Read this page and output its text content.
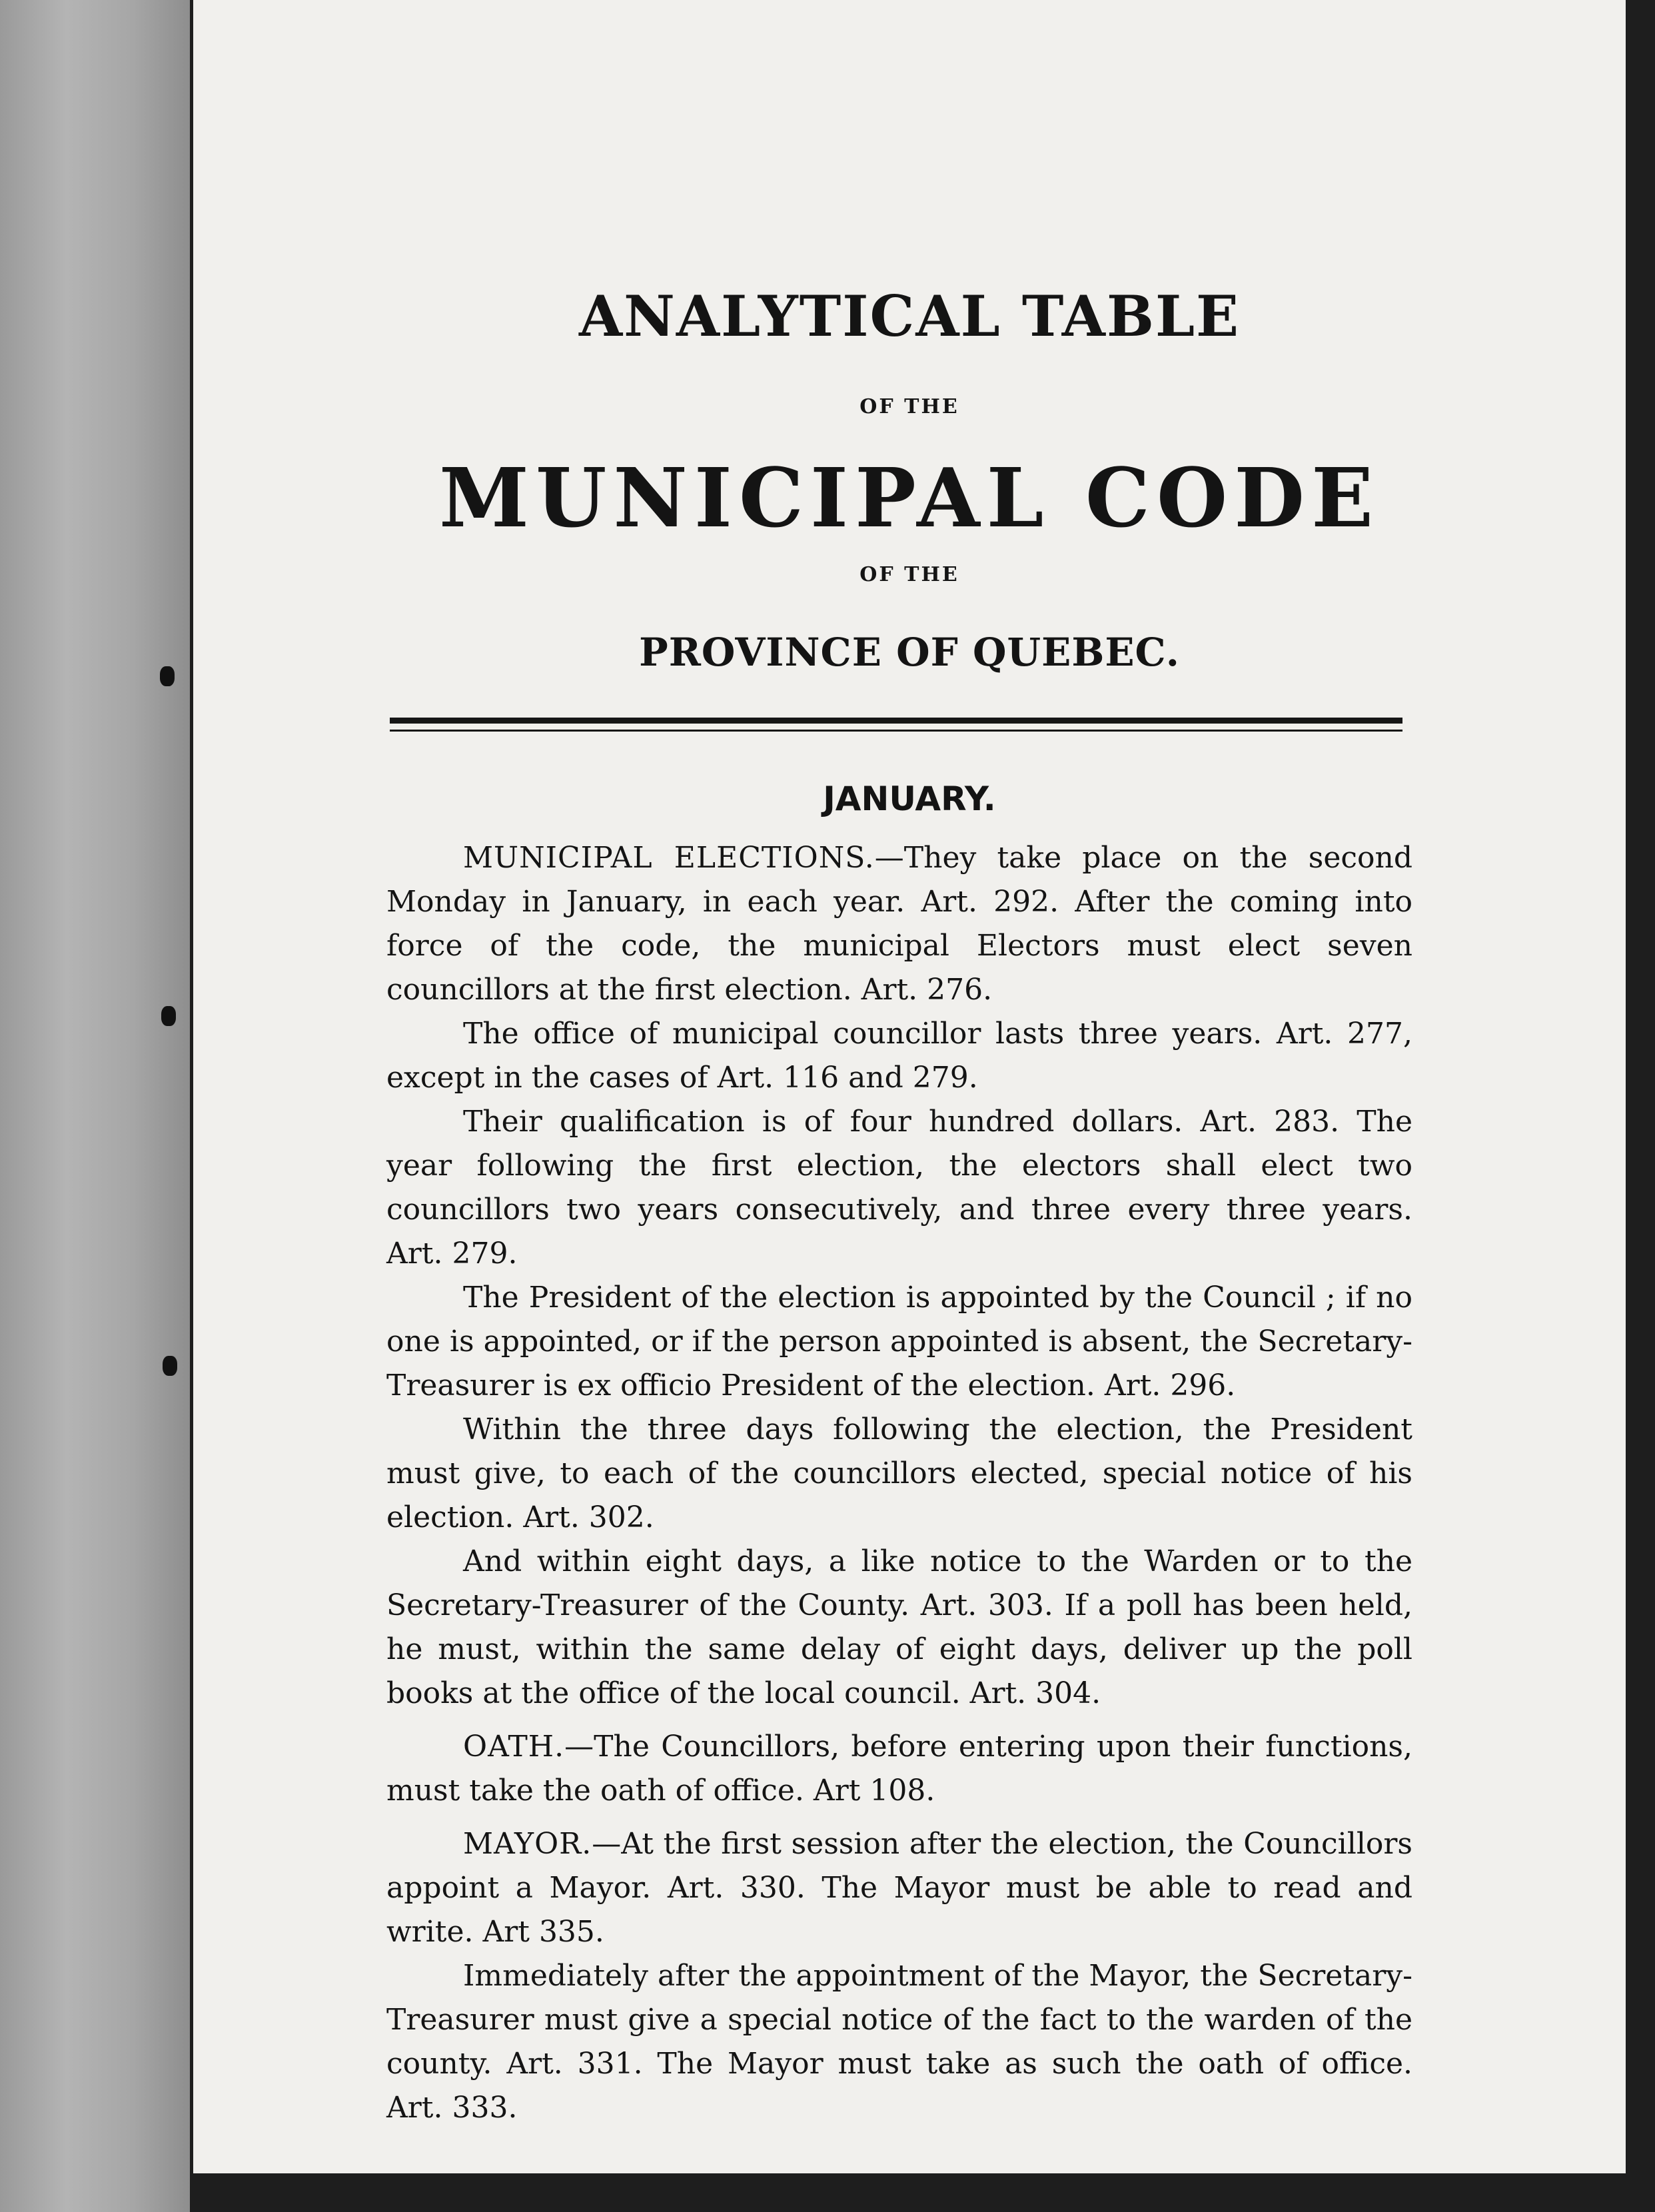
ANALYTICAL TABLE
OF THE
MUNICIPAL CODE
OF THE
PROVINCE OF QUEBEC.
JANUARY.

MUNICIPAL ELECTIONS.—They take place on the second Monday in January, in each year. Art. 292. After the coming into force of the code, the municipal Electors must elect seven councillors at the first election. Art. 276.

The office of municipal councillor lasts three years. Art. 277, except in the cases of Art. 116 and 279.

Their qualification is of four hundred dollars. Art. 283. The year following the first election, the electors shall elect two councillors two years consecutively, and three every three years. Art. 279.

The President of the election is appointed by the Council ; if no one is appointed, or if the person appointed is absent, the Secretary-Treasurer is ex officio President of the election. Art. 296.

Within the three days following the election, the President must give, to each of the councillors elected, special notice of his election. Art. 302.

And within eight days, a like notice to the Warden or to the Secretary-Treasurer of the County. Art. 303. If a poll has been held, he must, within the same delay of eight days, deliver up the poll books at the office of the local council. Art. 304.

OATH.—The Councillors, before entering upon their functions, must take the oath of office. Art 108.

MAYOR.—At the first session after the election, the Councillors appoint a Mayor. Art. 330. The Mayor must be able to read and write. Art 335.

Immediately after the appointment of the Mayor, the Secretary-Treasurer must give a special notice of the fact to the warden of the county. Art. 331. The Mayor must take as such the oath of office. Art. 333.
